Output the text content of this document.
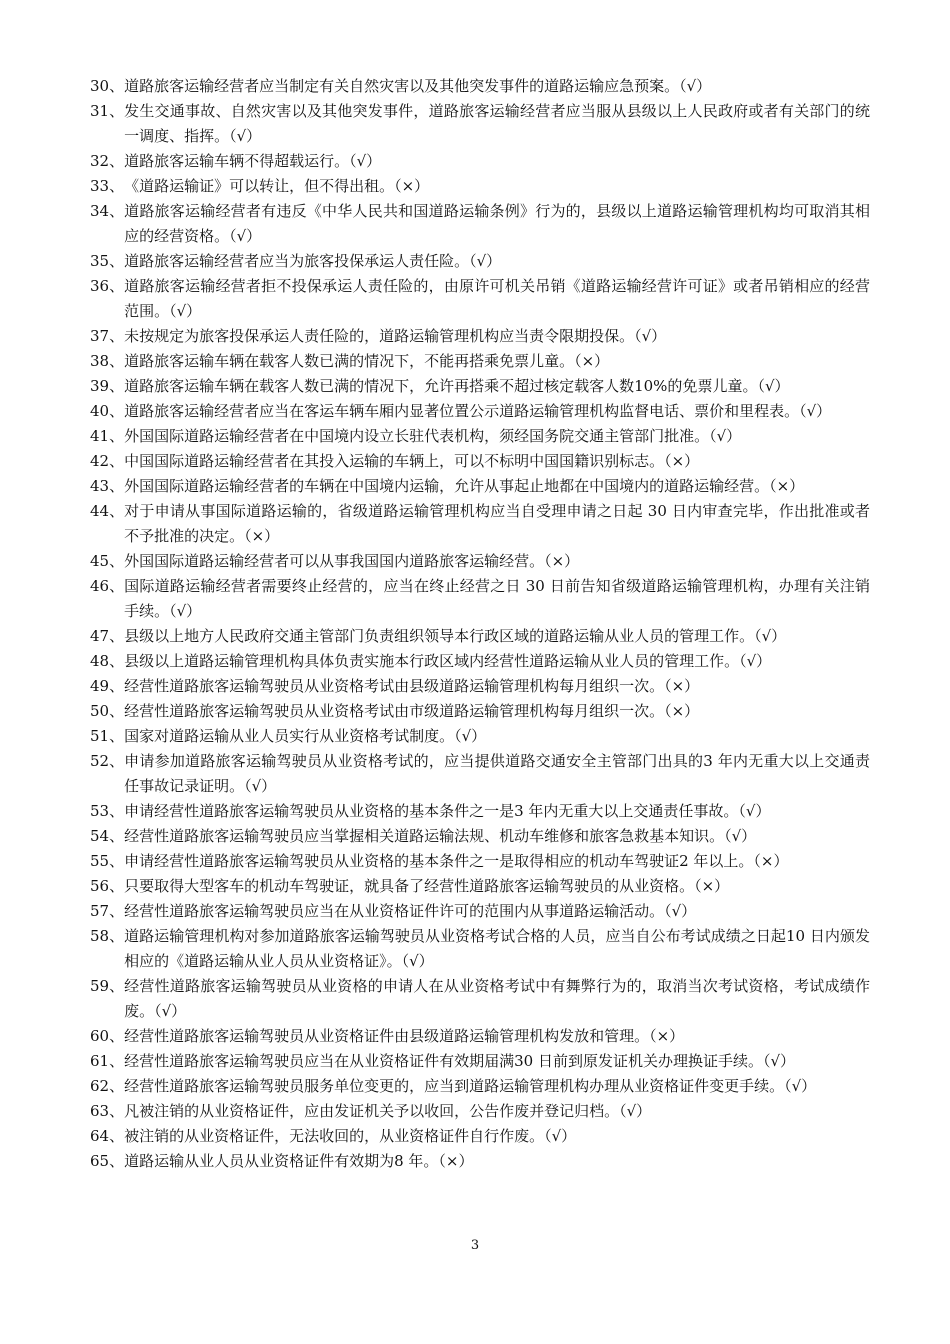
30、 道路旅客运输经营者应当制定有关自然灾害以及其他突发事件的道路运输应急预案。（√）
31、 发生交通事故、自然灾害以及其他突发事件，道路旅客运输经营者应当服从县级以上人民政府或者有关部门的统一调度、指挥。（√）
32、 道路旅客运输车辆不得超载运行。（√）
33、 《道路运输证》可以转让，但不得出租。（×）
34、 道路旅客运输经营者有违反《中华人民共和国道路运输条例》行为的，县级以上道路运输管理机构均可取消其相应的经营资格。（√）
35、 道路旅客运输经营者应当为旅客投保承运人责任险。（√）
36、 道路旅客运输经营者拒不投保承运人责任险的，由原许可机关吊销《道路运输经营许可证》或者吊销相应的经营范围。（√）
37、 未按规定为旅客投保承运人责任险的，道路运输管理机构应当责令限期投保。（√）
38、 道路旅客运输车辆在载客人数已满的情况下，不能再搭乘免票儿童。（×）
39、 道路旅客运输车辆在载客人数已满的情况下，允许再搭乘不超过核定载客人数10%的免票儿童。（√）
40、 道路旅客运输经营者应当在客运车辆车厢内显著位置公示道路运输管理机构监督电话、票价和里程表。（√）
41、 外国国际道路运输经营者在中国境内设立长驻代表机构，须经国务院交通主管部门批准。（√）
42、 中国国际道路运输经营者在其投入运输的车辆上，可以不标明中国国籍识别标志。（×）
43、 外国国际道路运输经营者的车辆在中国境内运输，允许从事起止地都在中国境内的道路运输经营。（×）
44、 对于申请从事国际道路运输的，省级道路运输管理机构应当自受理申请之日起 30 日内审查完毕，作出批准或者不予批准的决定。（×）
45、 外国国际道路运输经营者可以从事我国国内道路旅客运输经营。（×）
46、 国际道路运输经营者需要终止经营的，应当在终止经营之日 30 日前告知省级道路运输管理机构，办理有关注销手续。（√）
47、 县级以上地方人民政府交通主管部门负责组织领导本行政区域的道路运输从业人员的管理工作。（√）
48、 县级以上道路运输管理机构具体负责实施本行政区域内经营性道路运输从业人员的管理工作。（√）
49、 经营性道路旅客运输驾驶员从业资格考试由县级道路运输管理机构每月组织一次。（×）
50、 经营性道路旅客运输驾驶员从业资格考试由市级道路运输管理机构每月组织一次。（×）
51、 国家对道路运输从业人员实行从业资格考试制度。（√）
52、 申请参加道路旅客运输驾驶员从业资格考试的，应当提供道路交通安全主管部门出具的3 年内无重大以上交通责任事故记录证明。（√）
53、 申请经营性道路旅客运输驾驶员从业资格的基本条件之一是3 年内无重大以上交通责任事故。（√）
54、 经营性道路旅客运输驾驶员应当掌握相关道路运输法规、机动车维修和旅客急救基本知识。（√）
55、 申请经营性道路旅客运输驾驶员从业资格的基本条件之一是取得相应的机动车驾驶证2 年以上。（×）
56、 只要取得大型客车的机动车驾驶证，就具备了经营性道路旅客运输驾驶员的从业资格。（×）
57、 经营性道路旅客运输驾驶员应当在从业资格证件许可的范围内从事道路运输活动。（√）
58、 道路运输管理机构对参加道路旅客运输驾驶员从业资格考试合格的人员，应当自公布考试成绩之日起10 日内颁发相应的《道路运输从业人员从业资格证》。（√）
59、 经营性道路旅客运输驾驶员从业资格的申请人在从业资格考试中有舞弊行为的，取消当次考试资格，考试成绩作废。（√）
60、 经营性道路旅客运输驾驶员从业资格证件由县级道路运输管理机构发放和管理。（×）
61、 经营性道路旅客运输驾驶员应当在从业资格证件有效期届满30 日前到原发证机关办理换证手续。（√）
62、 经营性道路旅客运输驾驶员服务单位变更的，应当到道路运输管理机构办理从业资格证件变更手续。（√）
63、 凡被注销的从业资格证件，应由发证机关予以收回，公告作废并登记归档。（√）
64、 被注销的从业资格证件，无法收回的，从业资格证件自行作废。（√）
65、 道路运输从业人员从业资格证件有效期为8 年。（×）
3
